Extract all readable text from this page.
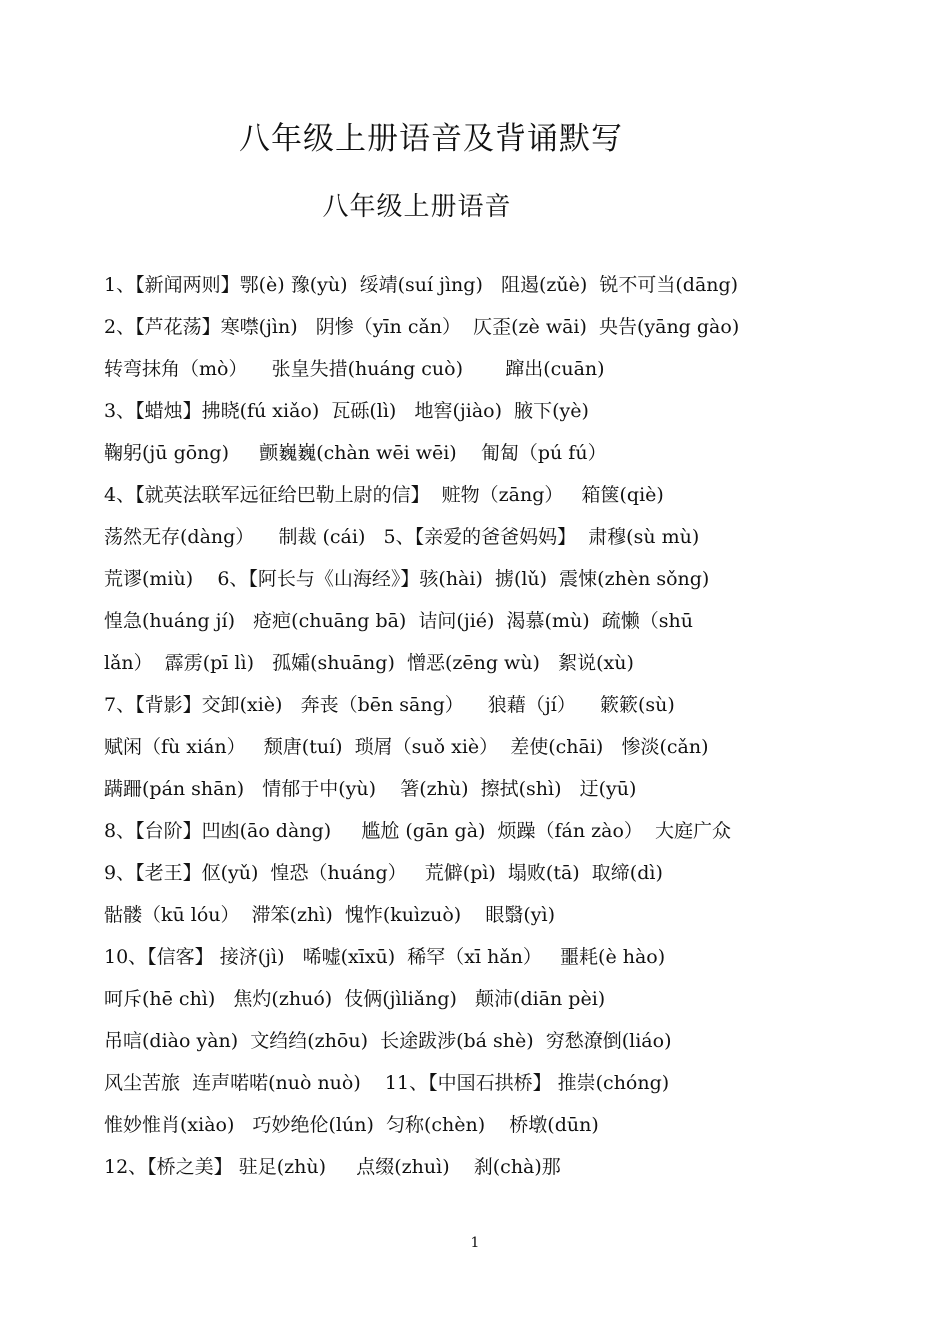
八年级上册语音及背诵默写
八年级上册语音
1、【新闻两则】鄂(è) 豫(yù)  绥靖(suí jìng)   阻遏(zǔè)  锐不可当(dāng)
2、【芦花荡】寒噤(jìn)   阴惨（yīn cǎn）  仄歪(zè wāi)  央告(yāng gào)
转弯抹角（mò）    张皇失措(huáng cuò)       蹿出(cuān)
3、【蜡烛】拂晓(fú xiǎo)  瓦砾(lì)   地窖(jiào)  腋下(yè)
鞠躬(jū gōng)     颤巍巍(chàn wēi wēi)    匍匐（pú fú）
4、【就英法联军远征给巴勒上尉的信】  赃物（zāng）   箱箧(qiè)
荡然无存(dàng）    制裁 (cái)   5、【亲爱的爸爸妈妈】  肃穆(sù mù)
荒谬(miù)    6、【阿长与《山海经》】骇(hài)  掳(lǔ)  震悚(zhèn sǒng)
惶急(huáng jí)   疮疤(chuāng bā)  诘问(jié)  渴慕(mù)  疏懒（shū
lǎn）  霹雳(pī lì)   孤孀(shuāng)  憎恶(zēng wù)   絮说(xù)
7、【背影】交卸(xiè)   奔丧（bēn sāng）    狼藉（jí）    簌簌(sù)
赋闲（fù xián）   颓唐(tuí)  琐屑（suǒ xiè）  差使(chāi)   惨淡(cǎn)
蹒跚(pán shān)   情郁于中(yù)    箸(zhù)  擦拭(shì)   迂(yū)
8、【台阶】凹凼(āo dàng)     尴尬 (gān gà)  烦躁（fán zào）  大庭广众
9、【老王】伛(yǔ)  惶恐（huáng）   荒僻(pì)  塌败(tā)  取缔(dì)
骷髅（kū lóu）  滞笨(zhì)  愧怍(kuìzuò)    眼翳(yì)
10、【信客】 接济(jì)   唏嘘(xīxū)  稀罕（xī hǎn）   噩耗(è hào)
呵斥(hē chì)   焦灼(zhuó)  伎俩(jìliǎng)   颠沛(diān pèi)
吊唁(diào yàn)  文绉绉(zhōu)  长途跋涉(bá shè)  穷愁潦倒(liáo)
风尘苦旅  连声喏喏(nuò nuò)    11、【中国石拱桥】 推崇(chóng)
惟妙惟肖(xiào)   巧妙绝伦(lún)  匀称(chèn)    桥墩(dūn)
12、【桥之美】 驻足(zhù)     点缀(zhuì)    刹(chà)那
1
